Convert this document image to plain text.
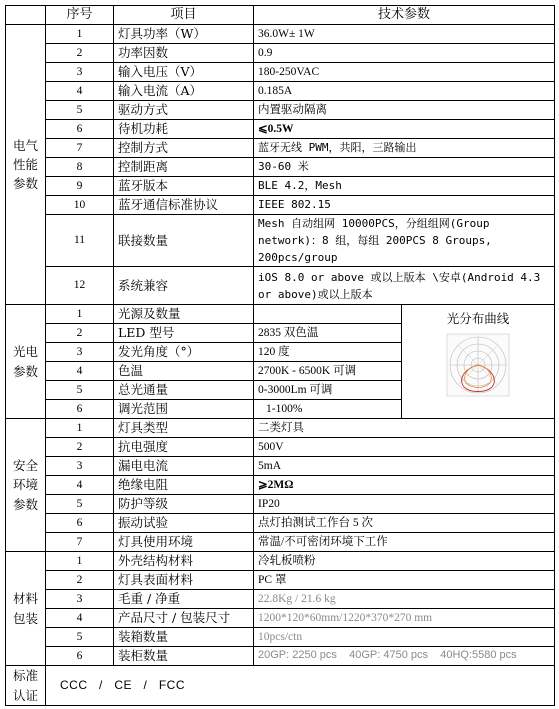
	序号	项目	技术参数	
电气
性能
参数	1	灯具功率（W）	36.0W± 1W	
	2	功率因数	0.9	
	3	输入电压（V）	180-250VAC	
	4	输入电流（A）	0.185A	
	5	驱动方式	内置驱动隔离	
	6	待机功耗	⩽0.5W	
	7	控制方式	蓝牙无线 PWM，共阳，三路输出	
	8	控制距离	30-60 米	
	9	蓝牙版本	BLE 4.2，Mesh	
	10	蓝牙通信标准协议	IEEE 802.15	
	11	联接数量	Mesh 自动组网 10000PCS，分组组网(Group network)：8 组，每组 200PCS 8 Groups, 200pcs/group	
	12	系统兼容	iOS 8.0 or above 或以上版本 \安卓(Android 4.3 or above)或以上版本	
光电
参数	1	光源及数量		光分布曲线

	2	LED 型号	2835 双色温	
	3	发光角度（°）	120 度	
	4	色温	2700K - 6500K 可调	
	5	总光通量	0-3000Lm 可调	
	6	调光范围	1-100%	
安全
环境
参数	1	灯具类型	二类灯具	
	2	抗电强度	500V	
	3	漏电电流	5mA	
	4	绝缘电阻	⩾2MΩ	
	5	防护等级	IP20	
	6	振动试验	点灯拍测试工作台 5 次	
	7	灯具使用环境	常温/不可密闭环境下工作	
材料
包装	1	外壳结构材料	冷轧板喷粉	
	2	灯具表面材料	PC 罩	
	3	毛重 / 净重	22.8Kg / 21.6 kg	
	4	产品尺寸 / 包装尺寸	1200*120*60mm/1220*370*270 mm	
	5	装箱数量	10pcs/ctn	
	6	装柜数量	20GP: 2250 pcs    40GP: 4750 pcs    40HQ:5580 pcs	
标准
认证	CCC   /   CE   /   FCC			
